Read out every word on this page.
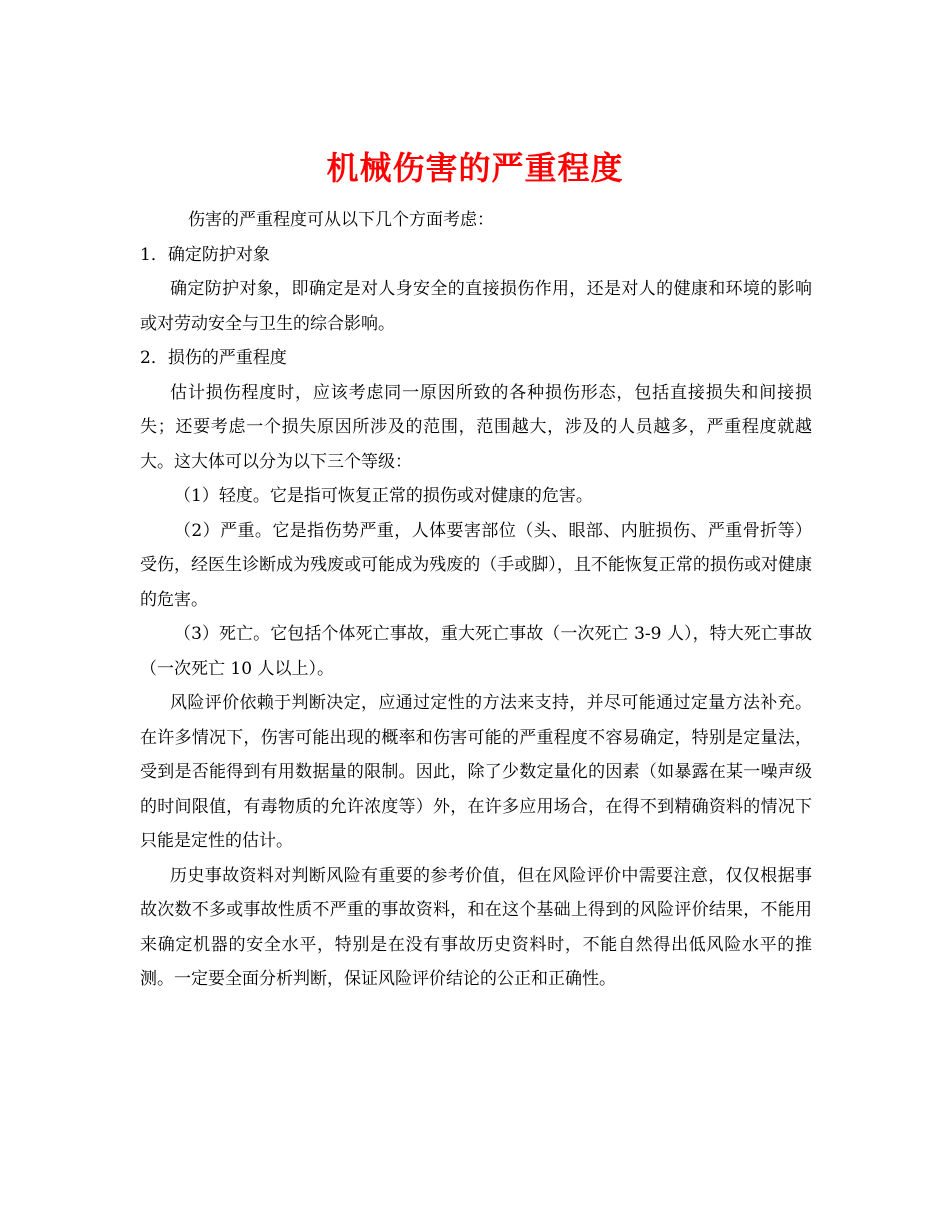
机械伤害的严重程度

伤害的严重程度可从以下几个方面考虑：

1．确定防护对象

确定防护对象，即确定是对人身安全的直接损伤作用，还是对人的健康和环境的影响或对劳动安全与卫生的综合影响。

2．损伤的严重程度

估计损伤程度时，应该考虑同一原因所致的各种损伤形态，包括直接损失和间接损失；还要考虑一个损失原因所涉及的范围，范围越大，涉及的人员越多，严重程度就越大。这大体可以分为以下三个等级：

（1）轻度。它是指可恢复正常的损伤或对健康的危害。

（2）严重。它是指伤势严重，人体要害部位（头、眼部、内脏损伤、严重骨折等）受伤，经医生诊断成为残废或可能成为残废的（手或脚），且不能恢复正常的损伤或对健康的危害。

（3）死亡。它包括个体死亡事故，重大死亡事故（一次死亡 3-9 人），特大死亡事故（一次死亡 10 人以上）。

风险评价依赖于判断决定，应通过定性的方法来支持，并尽可能通过定量方法补充。在许多情况下，伤害可能出现的概率和伤害可能的严重程度不容易确定，特别是定量法，受到是否能得到有用数据量的限制。因此，除了少数定量化的因素（如暴露在某一噪声级的时间限值，有毒物质的允许浓度等）外，在许多应用场合，在得不到精确资料的情况下只能是定性的估计。

历史事故资料对判断风险有重要的参考价值，但在风险评价中需要注意，仅仅根据事故次数不多或事故性质不严重的事故资料，和在这个基础上得到的风险评价结果，不能用来确定机器的安全水平，特别是在没有事故历史资料时，不能自然得出低风险水平的推测。一定要全面分析判断，保证风险评价结论的公正和正确性。
